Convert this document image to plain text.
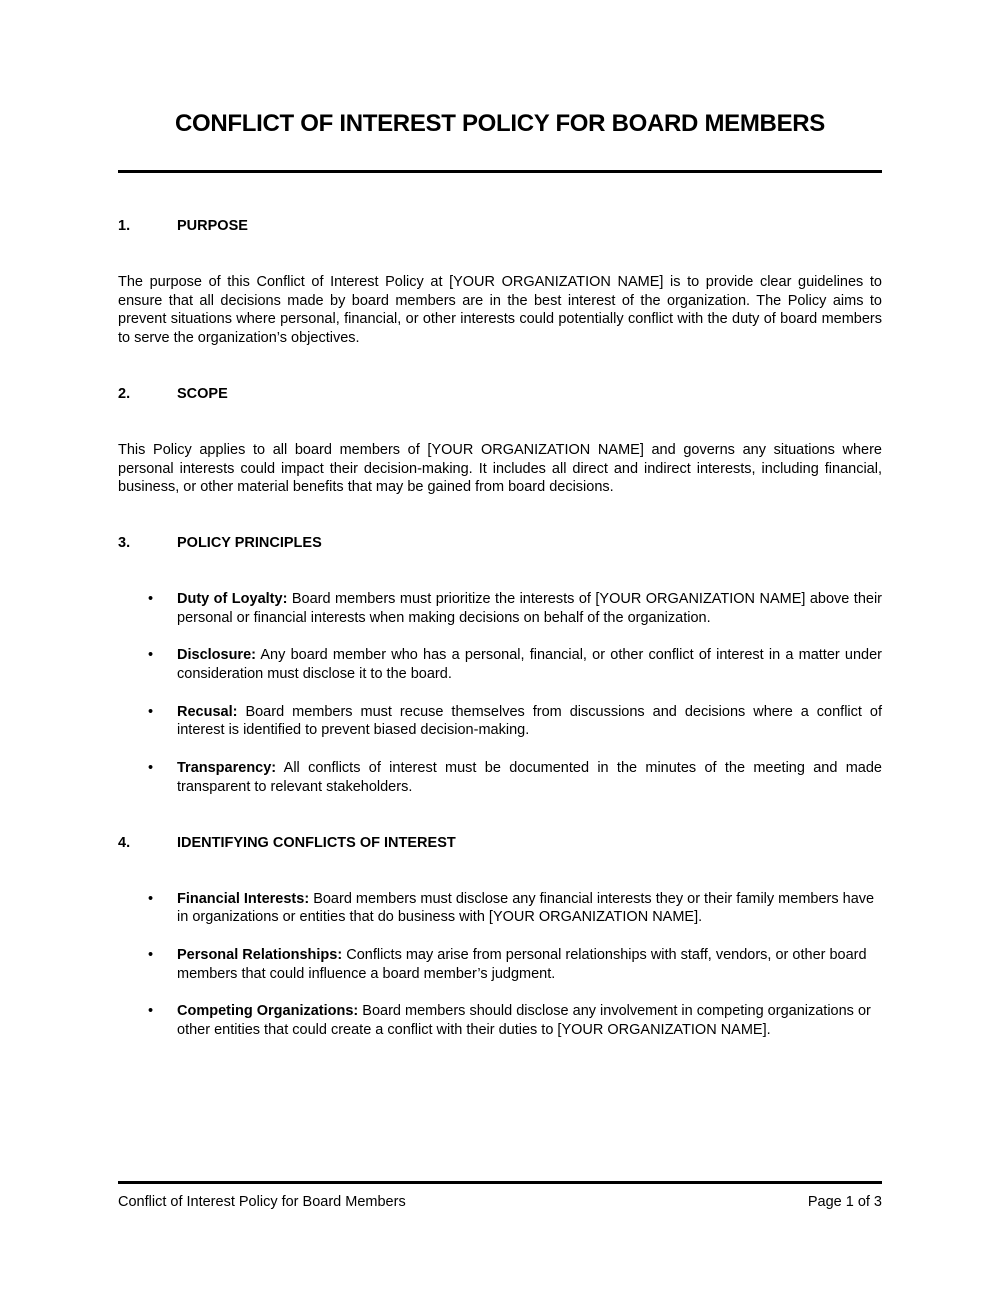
CONFLICT OF INTEREST POLICY FOR BOARD MEMBERS
1.	PURPOSE

The purpose of this Conflict of Interest Policy at [YOUR ORGANIZATION NAME] is to provide clear guidelines to ensure that all decisions made by board members are in the best interest of the organization. The Policy aims to prevent situations where personal, financial, or other interests could potentially conflict with the duty of board members to serve the organization’s objectives.

2.	SCOPE

This Policy applies to all board members of [YOUR ORGANIZATION NAME] and governs any situations where personal interests could impact their decision-making. It includes all direct and indirect interests, including financial, business, or other material benefits that may be gained from board decisions.

3.	POLICY PRINCIPLES
•	Duty of Loyalty: Board members must prioritize the interests of [YOUR ORGANIZATION NAME] above their personal or financial interests when making decisions on behalf of the organization.
•	Disclosure: Any board member who has a personal, financial, or other conflict of interest in a matter under consideration must disclose it to the board.
•	Recusal: Board members must recuse themselves from discussions and decisions where a conflict of interest is identified to prevent biased decision-making.
•	Transparency: All conflicts of interest must be documented in the minutes of the meeting and made transparent to relevant stakeholders.
4.	IDENTIFYING CONFLICTS OF INTEREST
•	Financial Interests: Board members must disclose any financial interests they or their family members have in organizations or entities that do business with [YOUR ORGANIZATION NAME].
•	Personal Relationships: Conflicts may arise from personal relationships with staff, vendors, or other board members that could influence a board member’s judgment.
•	Competing Organizations: Board members should disclose any involvement in competing organizations or other entities that could create a conflict with their duties to [YOUR ORGANIZATION NAME].
Conflict of Interest Policy for Board Members	Page 1 of 3
